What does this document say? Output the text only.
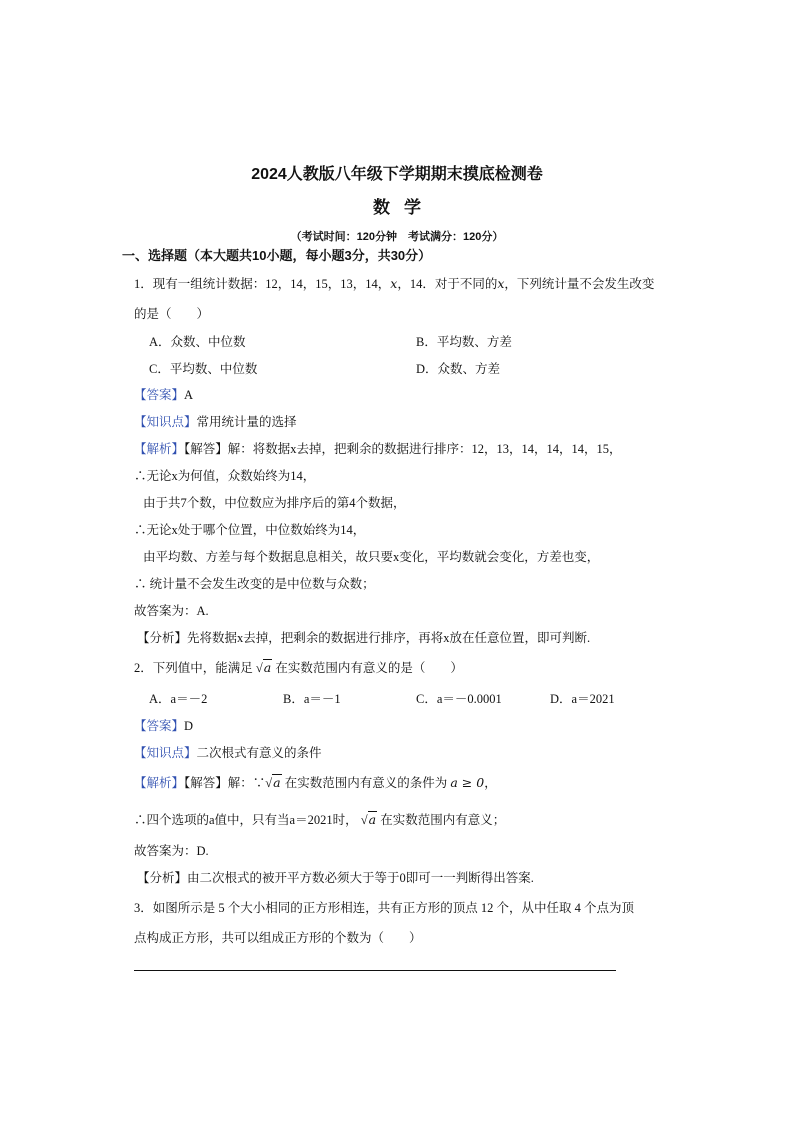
2024人教版八年级下学期期末摸底检测卷
数学
（考试时间：120分钟　考试满分：120分）
一、选择题（本大题共10小题，每小题3分，共30分）
1．现有一组统计数据：12，14，15，13，14，x，14．对于不同的x，下列统计量不会发生改变
的是（　　）
A．众数、中位数	B．平均数、方差
C．平均数、中位数	D．众数、方差
【答案】A
【知识点】常用统计量的选择
【解析】【解答】解：将数据x去掉，把剩余的数据进行排序：12，13，14，14，14，15，
∴无论x为何值，众数始终为14，
由于共7个数，中位数应为排序后的第4个数据，
∴无论x处于哪个位置，中位数始终为14，
由平均数、方差与每个数据息息相关，故只要x变化，平均数就会变化，方差也变，
∴ 统计量不会发生改变的是中位数与众数；
故答案为：A.
【分析】先将数据x去掉，把剩余的数据进行排序，再将x放在任意位置，即可判断.
2．下列值中，能满足 √a 在实数范围内有意义的是（　　）
A．a＝－2	B．a＝－1	C．a＝－0.0001	D．a＝2021
【答案】D
【知识点】二次根式有意义的条件
【解析】【解答】解：∵√a 在实数范围内有意义的条件为 a ≥ 0，
∴四个选项的a值中，只有当a＝2021时， √a 在实数范围内有意义；
故答案为：D.
【分析】由二次根式的被开平方数必须大于等于0即可一一判断得出答案.
3．如图所示是 5 个大小相同的正方形相连，共有正方形的顶点 12 个，从中任取 4 个点为顶
点构成正方形，共可以组成正方形的个数为（　　）
